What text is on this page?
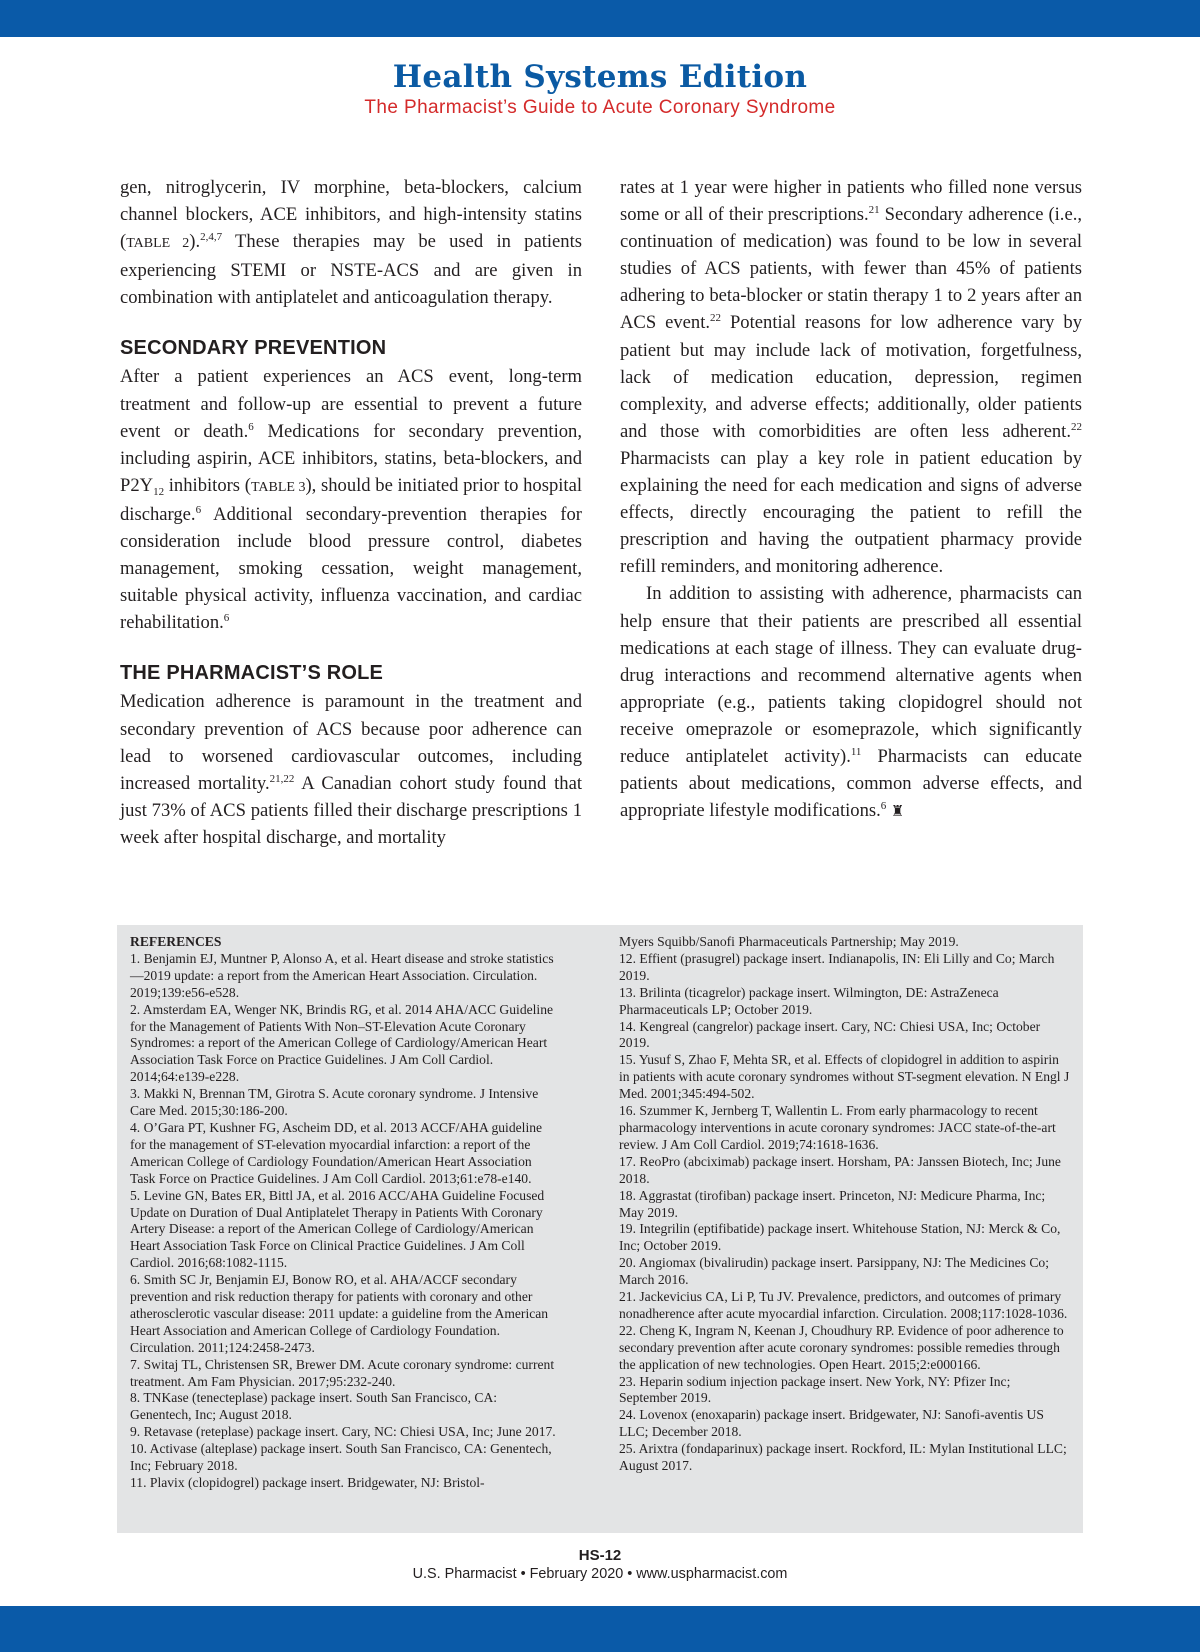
Health Systems Edition
The Pharmacist’s Guide to Acute Coronary Syndrome

gen, nitroglycerin, IV morphine, beta-blockers, calcium channel blockers, ACE inhibitors, and high-intensity statins (TABLE 2).$^{2,4,7}$ These therapies may be used in patients experiencing STEMI or NSTE-ACS and are given in combination with antiplatelet and anticoagulation therapy.

SECONDARY PREVENTION

After a patient experiences an ACS event, long-term treatment and follow-up are essential to prevent a future event or death.$^6$ Medications for secondary prevention, including aspirin, ACE inhibitors, statins, beta-blockers, and $P2Y_{12}$ inhibitors (TABLE 3), should be initiated prior to hospital discharge.$^6$ Additional secondary-prevention therapies for consideration include blood pressure control, diabetes management, smoking cessation, weight management, suitable physical activity, influenza vaccination, and cardiac rehabilitation.$^6$

THE PHARMACIST’S ROLE

Medication adherence is paramount in the treatment and secondary prevention of ACS because poor adherence can lead to worsened cardiovascular outcomes, including increased mortality.$^{21,22}$ A Canadian cohort study found that just 73% of ACS patients filled their discharge prescriptions 1 week after hospital discharge, and mortality

rates at 1 year were higher in patients who filled none versus some or all of their prescriptions.$^{21}$ Secondary adherence (i.e., continuation of medication) was found to be low in several studies of ACS patients, with fewer than 45% of patients adhering to beta-blocker or statin therapy 1 to 2 years after an ACS event.$^{22}$ Potential reasons for low adherence vary by patient but may include lack of motivation, forgetfulness, lack of medication education, depression, regimen complexity, and adverse effects; additionally, older patients and those with comorbidities are often less adherent.$^{22}$ Pharmacists can play a key role in patient education by explaining the need for each medication and signs of adverse effects, directly encouraging the patient to refill the prescription and having the outpatient pharmacy provide refill reminders, and monitoring adherence.

In addition to assisting with adherence, pharmacists can help ensure that their patients are prescribed all essential medications at each stage of illness. They can evaluate drug-drug interactions and recommend alternative agents when appropriate (e.g., patients taking clopidogrel should not receive omeprazole or esomeprazole, which significantly reduce antiplatelet activity).$^{11}$ Pharmacists can educate patients about medications, common adverse effects, and appropriate lifestyle modifications.$^6$ ♜

REFERENCES
1. Benjamin EJ, Muntner P, Alonso A, et al. Heart disease and stroke statistics—2019 update: a report from the American Heart Association. Circulation. 2019;139:e56-e528.
2. Amsterdam EA, Wenger NK, Brindis RG, et al. 2014 AHA/ACC Guideline for the Management of Patients With Non–ST-Elevation Acute Coronary Syndromes: a report of the American College of Cardiology/American Heart Association Task Force on Practice Guidelines. J Am Coll Cardiol. 2014;64:e139-e228.
3. Makki N, Brennan TM, Girotra S. Acute coronary syndrome. J Intensive Care Med. 2015;30:186-200.
4. O’Gara PT, Kushner FG, Ascheim DD, et al. 2013 ACCF/AHA guideline for the management of ST-elevation myocardial infarction: a report of the American College of Cardiology Foundation/American Heart Association Task Force on Practice Guidelines. J Am Coll Cardiol. 2013;61:e78-e140.
5. Levine GN, Bates ER, Bittl JA, et al. 2016 ACC/AHA Guideline Focused Update on Duration of Dual Antiplatelet Therapy in Patients With Coronary Artery Disease: a report of the American College of Cardiology/American Heart Association Task Force on Clinical Practice Guidelines. J Am Coll Cardiol. 2016;68:1082-1115.
6. Smith SC Jr, Benjamin EJ, Bonow RO, et al. AHA/ACCF secondary prevention and risk reduction therapy for patients with coronary and other atherosclerotic vascular disease: 2011 update: a guideline from the American Heart Association and American College of Cardiology Foundation. Circulation. 2011;124:2458-2473.
7. Switaj TL, Christensen SR, Brewer DM. Acute coronary syndrome: current treatment. Am Fam Physician. 2017;95:232-240.
8. TNKase (tenecteplase) package insert. South San Francisco, CA: Genentech, Inc; August 2018.
9. Retavase (reteplase) package insert. Cary, NC: Chiesi USA, Inc; June 2017.
10. Activase (alteplase) package insert. South San Francisco, CA: Genentech, Inc; February 2018.
11. Plavix (clopidogrel) package insert. Bridgewater, NJ: Bristol-
Myers Squibb/Sanofi Pharmaceuticals Partnership; May 2019.
12. Effient (prasugrel) package insert. Indianapolis, IN: Eli Lilly and Co; March 2019.
13. Brilinta (ticagrelor) package insert. Wilmington, DE: AstraZeneca Pharmaceuticals LP; October 2019.
14. Kengreal (cangrelor) package insert. Cary, NC: Chiesi USA, Inc; October 2019.
15. Yusuf S, Zhao F, Mehta SR, et al. Effects of clopidogrel in addition to aspirin in patients with acute coronary syndromes without ST-segment elevation. N Engl J Med. 2001;345:494-502.
16. Szummer K, Jernberg T, Wallentin L. From early pharmacology to recent pharmacology interventions in acute coronary syndromes: JACC state-of-the-art review. J Am Coll Cardiol. 2019;74:1618-1636.
17. ReoPro (abciximab) package insert. Horsham, PA: Janssen Biotech, Inc; June 2018.
18. Aggrastat (tirofiban) package insert. Princeton, NJ: Medicure Pharma, Inc; May 2019.
19. Integrilin (eptifibatide) package insert. Whitehouse Station, NJ: Merck & Co, Inc; October 2019.
20. Angiomax (bivalirudin) package insert. Parsippany, NJ: The Medicines Co; March 2016.
21. Jackevicius CA, Li P, Tu JV. Prevalence, predictors, and outcomes of primary nonadherence after acute myocardial infarction. Circulation. 2008;117:1028-1036.
22. Cheng K, Ingram N, Keenan J, Choudhury RP. Evidence of poor adherence to secondary prevention after acute coronary syndromes: possible remedies through the application of new technologies. Open Heart. 2015;2:e000166.
23. Heparin sodium injection package insert. New York, NY: Pfizer Inc; September 2019.
24. Lovenox (enoxaparin) package insert. Bridgewater, NJ: Sanofi-aventis US LLC; December 2018.
25. Arixtra (fondaparinux) package insert. Rockford, IL: Mylan Institutional LLC; August 2017.
HS-12
U.S. Pharmacist • February 2020 • www.uspharmacist.com
